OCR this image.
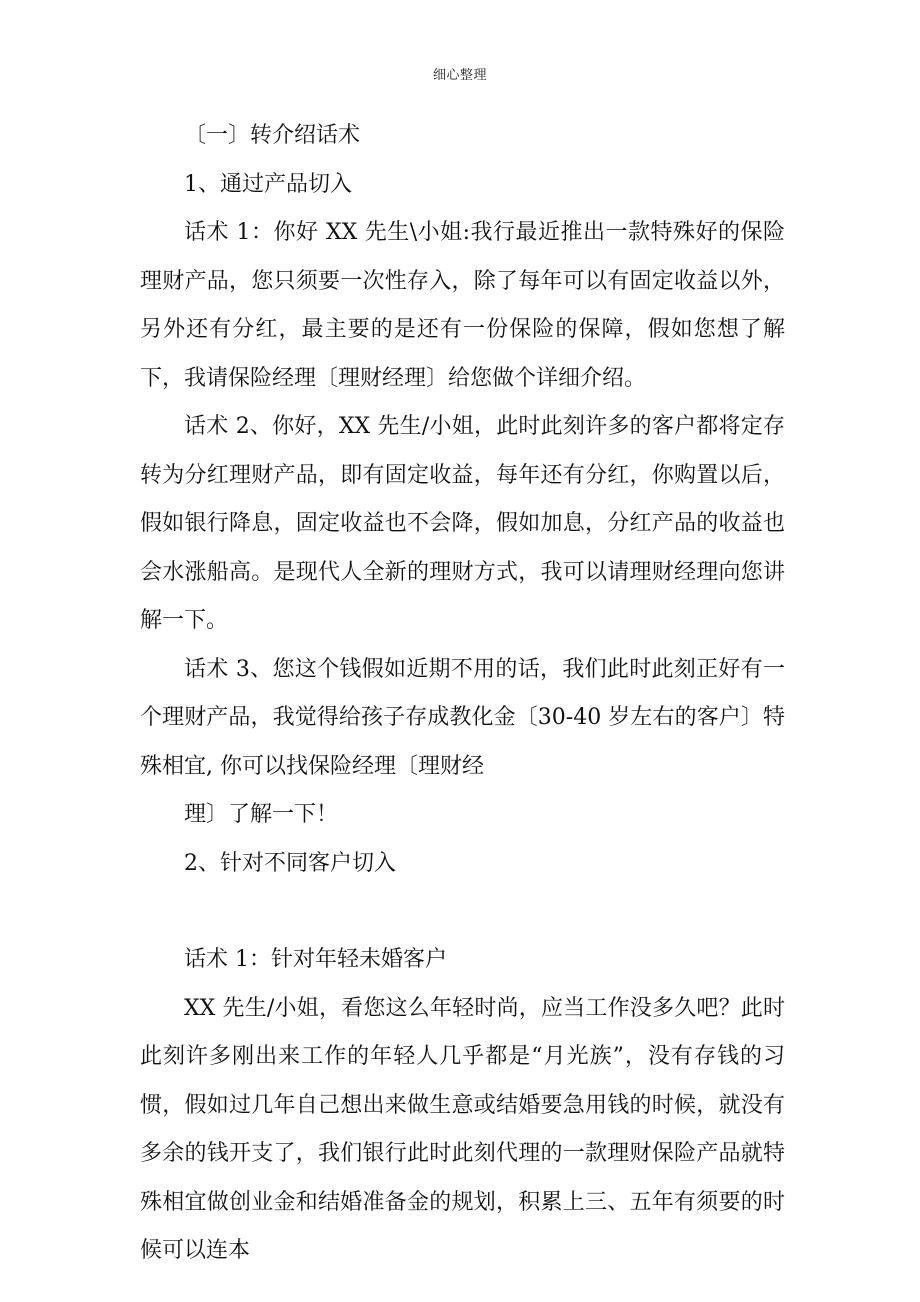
细心整理

〔一〕转介绍话术

1、通过产品切入

话术 1：你好 XX 先生\小姐:我行最近推出一款特殊好的保险理财产品，您只须要一次性存入，除了每年可以有固定收益以外，另外还有分红，最主要的是还有一份保险的保障，假如您想了解下，我请保险经理〔理财经理〕给您做个详细介绍。

话术 2、你好，XX 先生/小姐，此时此刻许多的客户都将定存转为分红理财产品，即有固定收益，每年还有分红，你购置以后，假如银行降息，固定收益也不会降，假如加息，分红产品的收益也会水涨船高。是现代人全新的理财方式，我可以请理财经理向您讲解一下。

话术 3、您这个钱假如近期不用的话，我们此时此刻正好有一个理财产品，我觉得给孩子存成教化金〔30-40 岁左右的客户〕特殊相宜, 你可以找保险经理〔理财经

理〕了解一下！

2、针对不同客户切入

话术 1：针对年轻未婚客户

XX 先生/小姐，看您这么年轻时尚，应当工作没多久吧？此时此刻许多刚出来工作的年轻人几乎都是“月光族”，没有存钱的习惯，假如过几年自己想出来做生意或结婚要急用钱的时候，就没有多余的钱开支了，我们银行此时此刻代理的一款理财保险产品就特殊相宜做创业金和结婚准备金的规划，积累上三、五年有须要的时候可以连本
